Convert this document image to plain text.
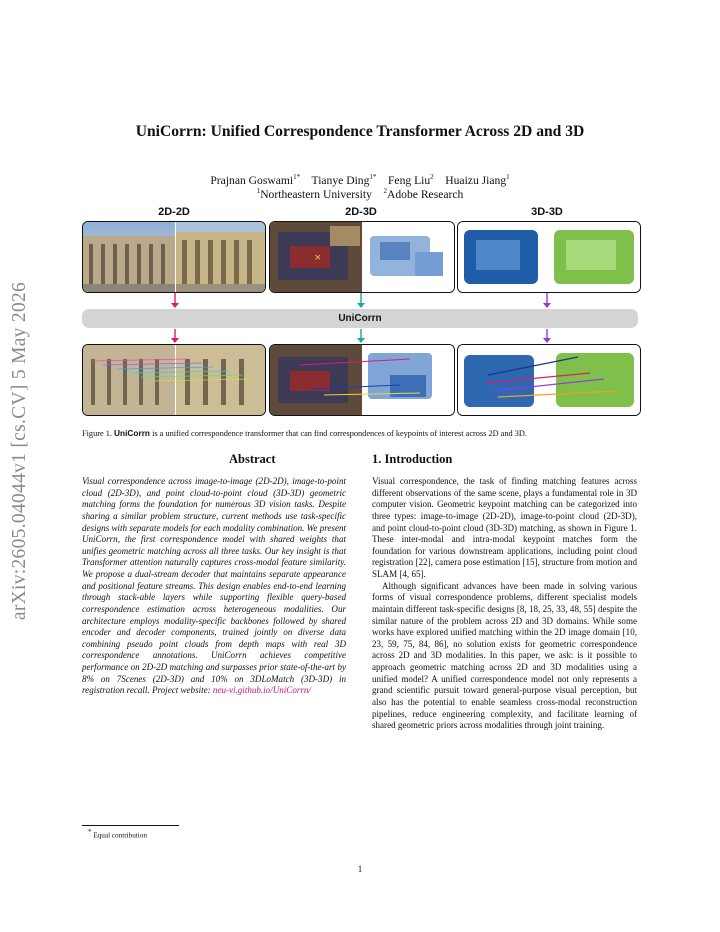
arXiv:2605.04044v1 [cs.CV] 5 May 2026
UniCorrn: Unified Correspondence Transformer Across 2D and 3D
Prajnan Goswami$^{1*}$ Tianye Ding$^{1*}$ Feng Liu$^2$ Huaizu Jiang$^1$
$^1$Northeastern University $^2$Adobe Research
2D-2D	2D-3D	3D-3D
×
UniCorrn
Figure 1. UniCorrn is a unified correspondence transformer that can find correspondences of keypoints of interest across 2D and 3D.
Abstract	1. Introduction
Visual correspondence across image-to-image (2D-2D), image-to-point cloud (2D-3D), and point cloud-to-point cloud (3D-3D) geometric matching forms the foundation for numerous 3D vision tasks. Despite sharing a similar problem structure, current methods use task-specific designs with separate models for each modality combination. We present UniCorrn, the first correspondence model with shared weights that unifies geometric matching across all three tasks. Our key insight is that Transformer attention naturally captures cross-modal feature similarity. We propose a dual-stream decoder that maintains separate appearance and positional feature streams. This design enables end-to-end learning through stack-able layers while supporting flexible query-based correspondence estimation across heterogeneous modalities. Our architecture employs modality-specific backbones followed by shared encoder and decoder components, trained jointly on diverse data combining pseudo point clouds from depth maps with real 3D correspondence annotations. UniCorrn achieves competitive performance on 2D-2D matching and surpasses prior state-of-the-art by 8% on 7Scenes (2D-3D) and 10% on 3DLoMatch (3D-3D) in registration recall. Project website: neu-vi.github.io/UniCorrn/

Visual correspondence, the task of finding matching features across different observations of the same scene, plays a fundamental role in 3D computer vision. Geometric keypoint matching can be categorized into three types: image-to-image (2D-2D), image-to-point cloud (2D-3D), and point cloud-to-point cloud (3D-3D) matching, as shown in Figure 1. These inter-modal and intra-modal keypoint matches form the foundation for various downstream applications, including point cloud registration [22], camera pose estimation [15], structure from motion and SLAM [4, 65].

Although significant advances have been made in solving various forms of visual correspondence problems, different specialist models maintain different task-specific designs [8, 18, 25, 33, 48, 55] despite the similar nature of the problem across 2D and 3D domains. While some works have explored unified matching within the 2D image domain [10, 23, 59, 75, 84, 86], no solution exists for geometric correspondence across 2D and 3D modalities. In this paper, we ask: is it possible to approach geometric matching across 2D and 3D modalities using a unified model? A unified correspondence model not only represents a grand scientific pursuit toward general-purpose visual perception, but also has the potential to enable seamless cross-modal reconstruction pipelines, reduce engineering complexity, and facilitate learning of shared geometric priors across modalities through joint training.

* Equal contribution
1
